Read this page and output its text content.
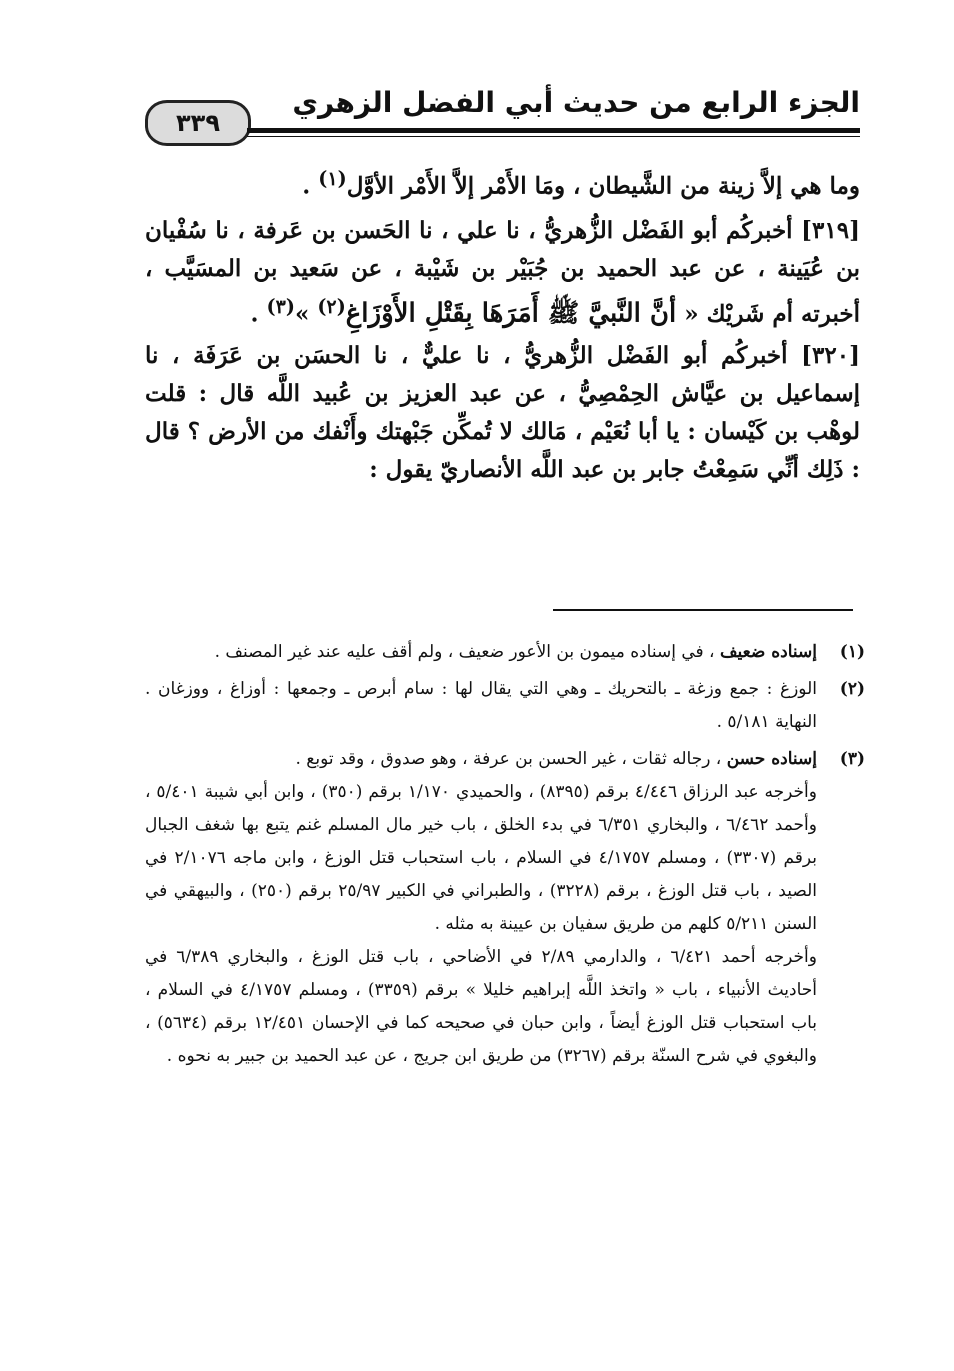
٣٣٩
الجزء الرابع من حديث أبي الفضل الزهري

وما هي إلاَّ زينة من الشَّيطان ، ومَا الأَمْر إلاَّ الأَمْر الأوَّل$^{(١)}$ .

[٣١٩] أخبركُم أبو الفَضْل الزُّهريُّ ، نا علي ، نا الحَسن بن عَرفة ، نا سُفْيان بن عُيَينة ، عن عبد الحميد بن جُبَيْر بن شَيْبة ، عن سَعيد بن المسَيَّب ، أخبرته أم شَريْك « أنَّ النَّبيَّ ﷺ أَمَرَهَا بِقَتْلِ الأَوْزَاغِ$^{(٢)}$ »$^{(٣)}$ .

[٣٢٠] أخبركُم أبو الفَضْل الزُّهريُّ ، نا عليٌّ ، نا الحسَن بن عَرَفَة ، نا إسماعيل بن عيَّاش الحِمْصِيُّ ، عن عبد العزيز بن عُبيد اللَّه قال : قلت لوهْب بن كَيْسان : يا أبا نُعَيْم ، مَالك لا تُمكِّن جَبْهتك وأَنْفك من الأرض ؟ قال : ذَلِك أنِّي سَمِعْتُ جابر بن عبد اللَّه الأنصاريّ يقول :

(١)

إسناده ضعيف ، في إسناده ميمون بن الأعور ضعيف ، ولم أقف عليه عند غير المصنف .

(٢)

الوزغ : جمع وزغة ـ بالتحريك ـ وهي التي يقال لها : سام أبرص ـ وجمعها : أوزاغ ، ووزغان . النهاية ٥/١٨١ .

(٣)

إسناده حسن ، رجاله ثقات ، غير الحسن بن عرفة ، وهو صدوق ، وقد توبع .

وأخرجه عبد الرزاق ٤/٤٤٦ برقم (٨٣٩٥) ، والحميدي ١/١٧٠ برقم (٣٥٠) ، وابن أبي شيبة ٥/٤٠١ ، وأحمد ٦/٤٦٢ ، والبخاري ٦/٣٥١ في بدء الخلق ، باب خير مال المسلم غنم يتبع بها شغف الجبال برقم (٣٣٠٧) ، ومسلم ٤/١٧٥٧ في السلام ، باب استحباب قتل الوزغ ، وابن ماجه ٢/١٠٧٦ في الصيد ، باب قتل الوزغ ، برقم (٣٢٢٨) ، والطبراني في الكبير ٢٥/٩٧ برقم (٢٥٠) ، والبيهقي في السنن ٥/٢١١ كلهم من طريق سفيان بن عيينة به مثله .

وأخرجه أحمد ٦/٤٢١ ، والدارمي ٢/٨٩ في الأضاحي ، باب قتل الوزغ ، والبخاري ٦/٣٨٩ في أحاديث الأنبياء ، باب « واتخذ اللَّه إبراهيم خليلا » برقم (٣٣٥٩) ، ومسلم ٤/١٧٥٧ في السلام ، باب استحباب قتل الوزغ أيضاً ، وابن حبان في صحيحه كما في الإحسان ١٢/٤٥١ برقم (٥٦٣٤) ، والبغوي في شرح السنّة برقم (٣٢٦٧) من طريق ابن جريج ، عن عبد الحميد بن جبير به نحوه .
